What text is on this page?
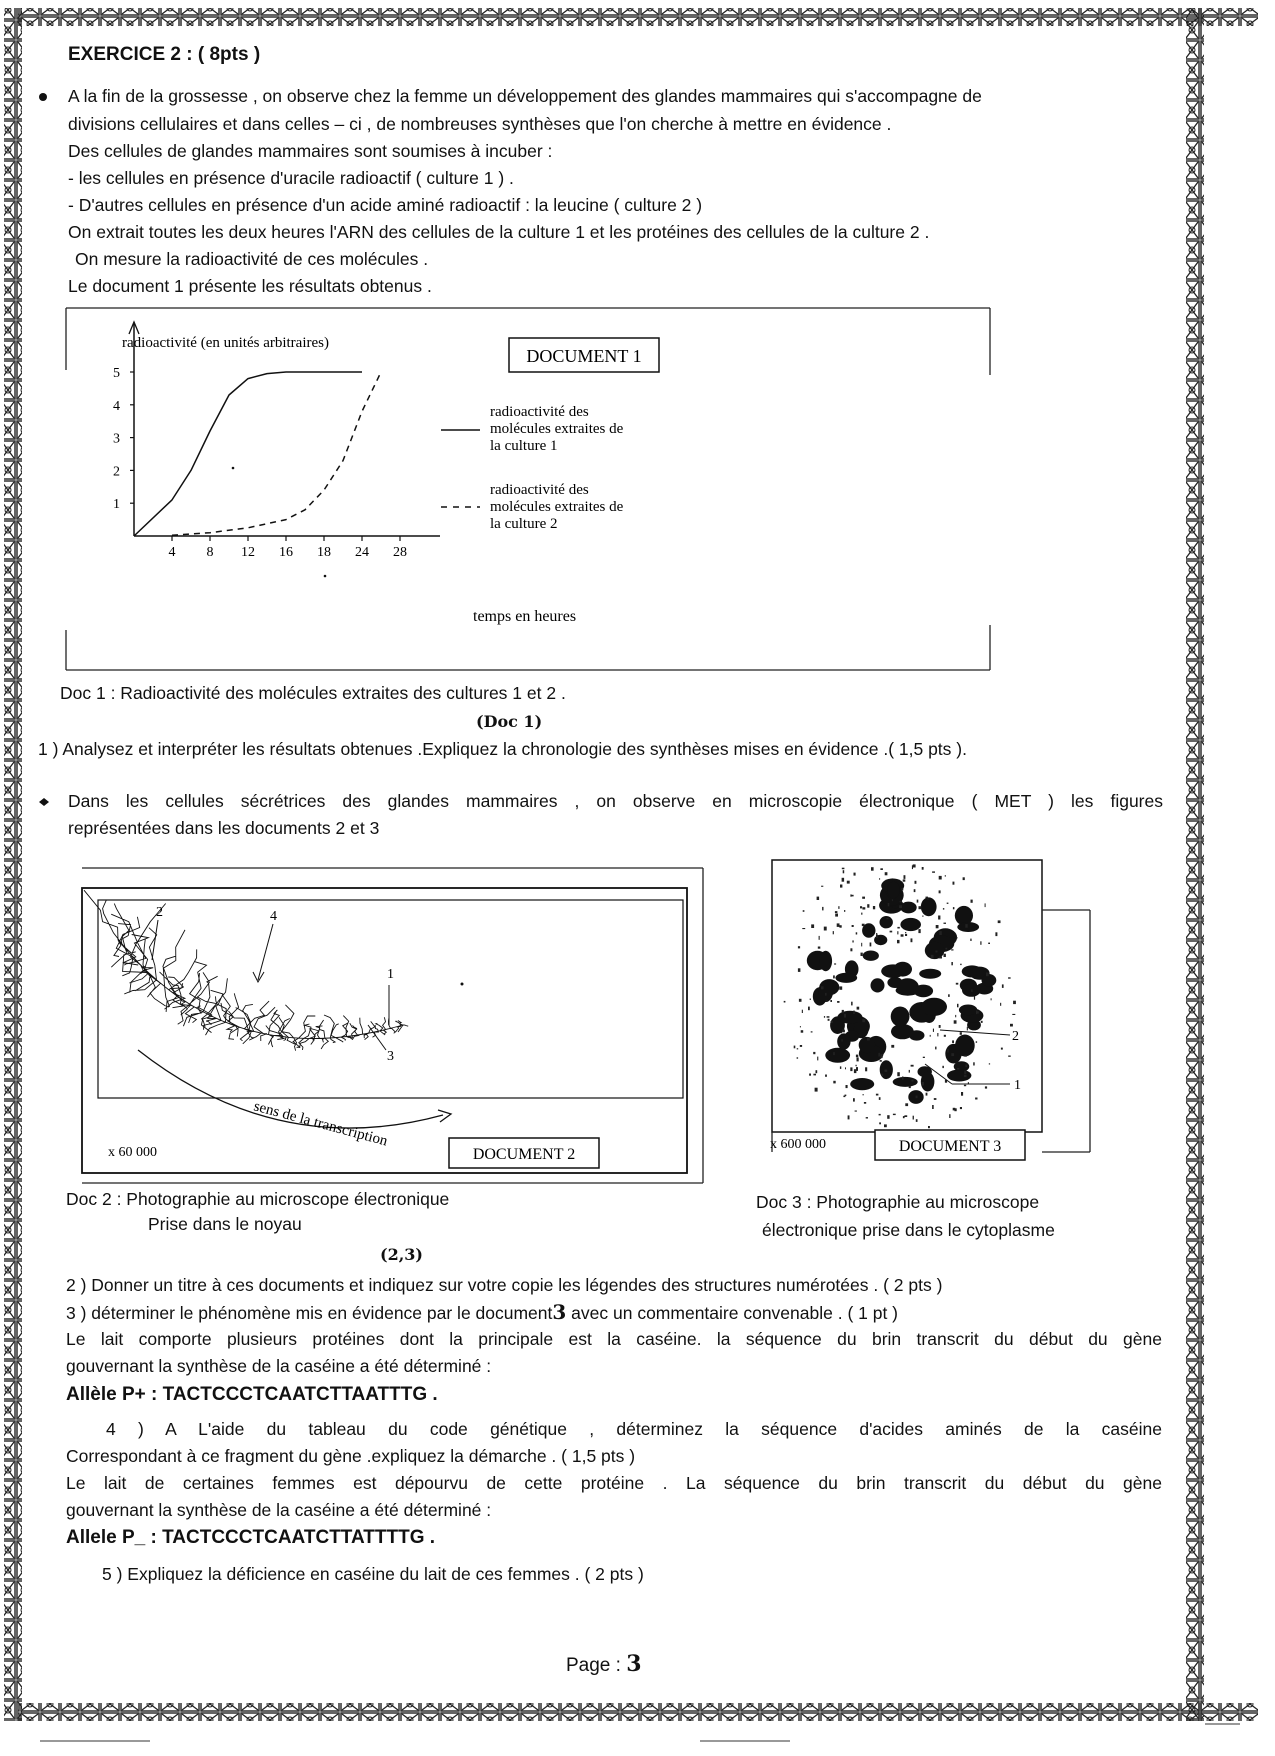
EXERCICE 2 : ( 8pts )
A la fin de la grossesse , on observe chez la femme un développement des glandes mammaires qui s'accompagne de
divisions cellulaires et dans celles – ci , de nombreuses synthèses que l'on cherche à mettre en évidence .
Des cellules de glandes mammaires sont soumises à incuber :
- les cellules en présence d'uracile radioactif ( culture 1 ) .
- D'autres cellules en présence d'un acide aminé radioactif : la leucine ( culture 2 )
On extrait toutes les deux heures l'ARN des cellules de la culture 1 et les protéines des cellules de la culture 2 .
On mesure la radioactivité de ces molécules .
Le document 1 présente les résultats obtenus .
radioactivité (en unités arbitraires)
temps en heures
DOCUMENT 1
radioactivité des
molécules extraites de
la culture 1
radioactivité des
molécules extraites de
la culture 2
1
2
3
4
5
4 8 12 16 18 24 28
Doc 1 : Radioactivité des molécules extraites des cultures 1 et 2 .
(Doc 1)
1 ) Analysez et interpréter les résultats obtenues .Expliquez la chronologie des synthèses mises en évidence .( 1,5 pts ).
Dans les cellules sécrétrices des glandes mammaires , on observe en microscopie électronique ( MET ) les figures
représentées dans les documents 2 et 3
sens de la transcription
2	4
1
3
x 60 000	DOCUMENT 2
Doc 2 : Photographie au microscope électronique
Prise dans le noyau
2
1
x 600 000	DOCUMENT 3
Doc 3 : Photographie au microscope
électronique prise dans le cytoplasme
(2,3)
2 ) Donner un titre à ces documents et indiquez sur votre copie les légendes des structures numérotées . ( 2 pts )
3 ) déterminer le phénomène mis en évidence par le document3 avec un commentaire convenable . ( 1 pt )
Le lait comporte plusieurs protéines dont la principale est la caséine. la séquence du brin transcrit du début du gène
gouvernant la synthèse de la caséine a été déterminé :
Allèle P+ : TACTCCCTCAATCTTAATTTG .
4 ) A L'aide du tableau du code génétique , déterminez la séquence d'acides aminés de la caséine
Correspondant à ce fragment du gène .expliquez la démarche . ( 1,5 pts )
Le lait de certaines femmes est dépourvu de cette protéine . La séquence du brin transcrit du début du gène
gouvernant la synthèse de la caséine a été déterminé :
Allele P_ : TACTCCCTCAATCTTATTTTG .
5 ) Expliquez la déficience en caséine du lait de ces femmes . ( 2 pts )
Page : 3
